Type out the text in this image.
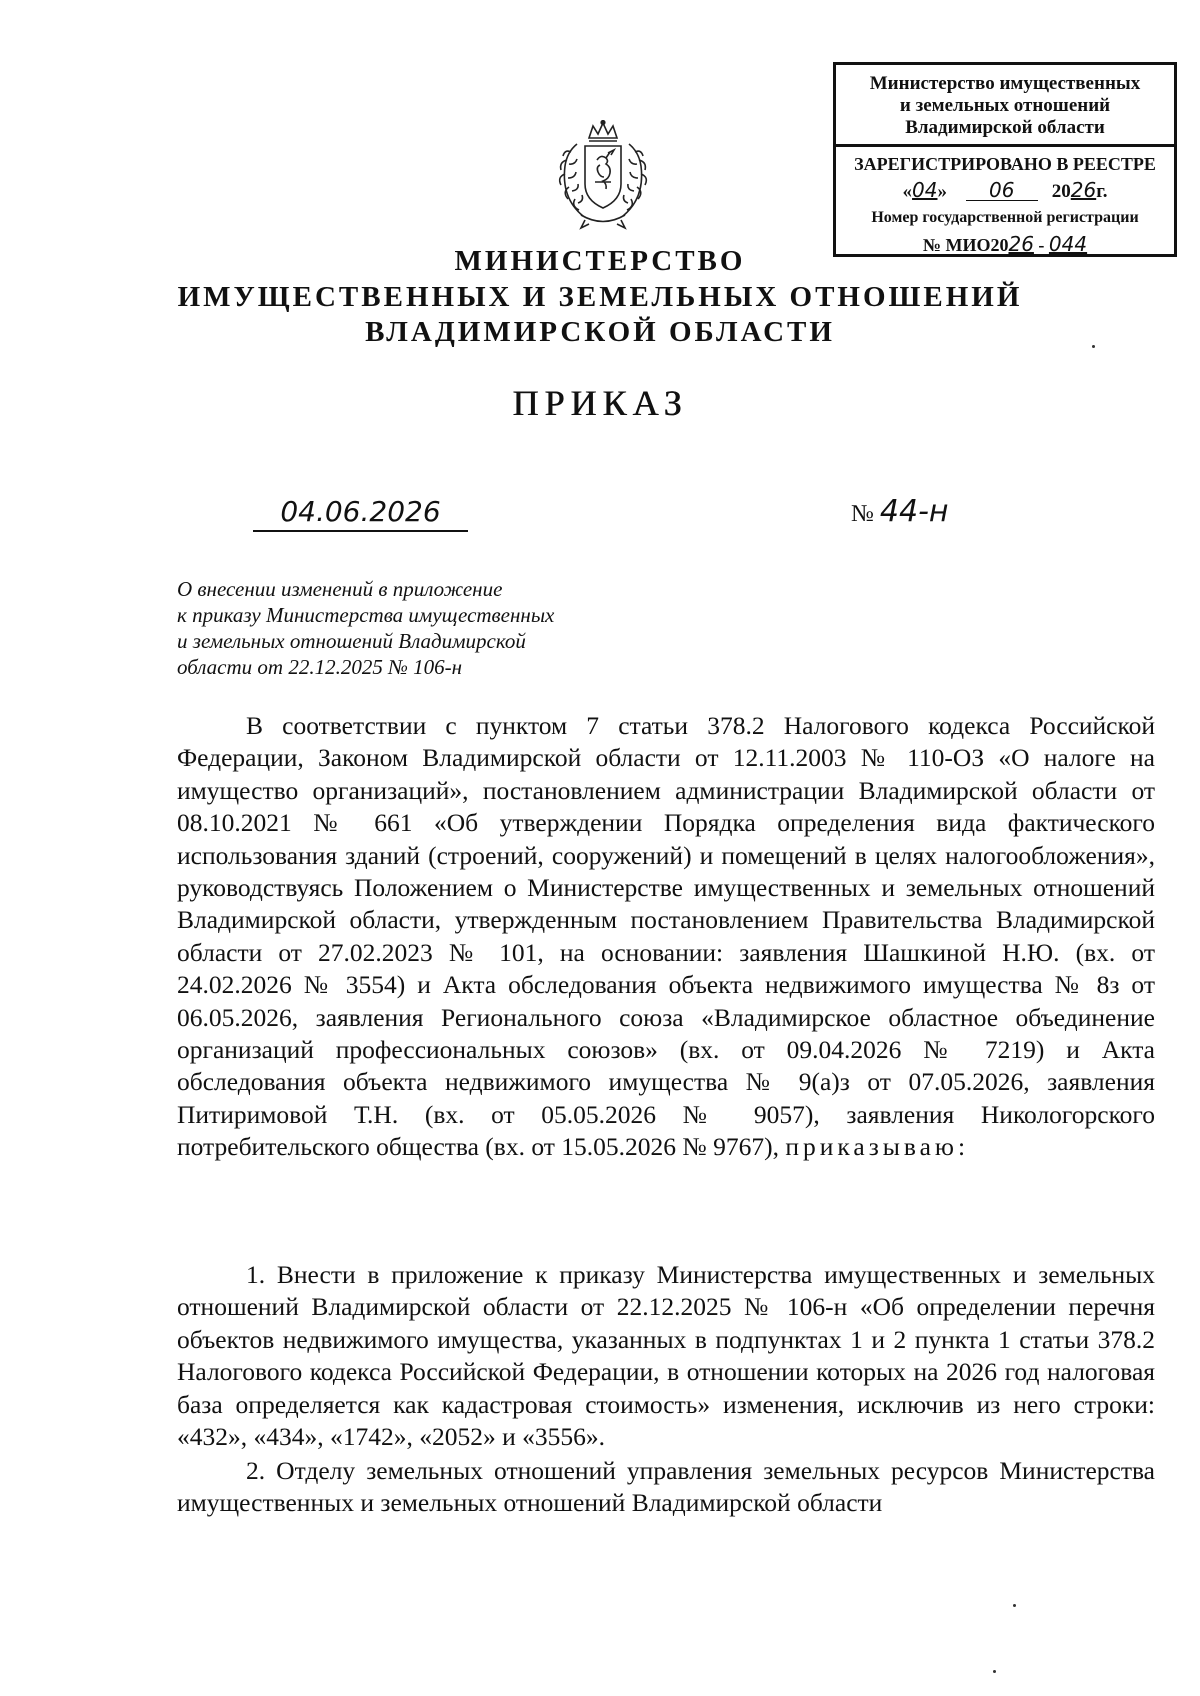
Министерство имущественных
и земельных отношений
Владимирской области
ЗАРЕГИСТРИРОВАНО В РЕЕСТРЕ
«04» 06 2026г.
Номер государственной регистрации
№ МИО2026 - 044
МИНИСТЕРСТВО
ИМУЩЕСТВЕННЫХ И ЗЕМЕЛЬНЫХ ОТНОШЕНИЙ
ВЛАДИМИРСКОЙ ОБЛАСТИ
ПРИКАЗ
04.06.2026	№ 44-н
О внесении изменений в приложение
к приказу Министерства имущественных
и земельных отношений Владимирской
области от 22.12.2025 № 106-н

В соответствии с пунктом 7 статьи 378.2 Налогового кодекса Российской Федерации, Законом Владимирской области от 12.11.2003 № 110-ОЗ «О налоге на имущество организаций», постановлением администрации Владимирской области от 08.10.2021 № 661 «Об утверждении Порядка определения вида фактического использования зданий (строений, сооружений) и помещений в целях налогообложения», руководствуясь Положением о Министерстве имущественных и земельных отношений Владимирской области, утвержденным постановлением Правительства Владимирской области от 27.02.2023 № 101, на основании: заявления Шашкиной Н.Ю. (вх. от 24.02.2026 № 3554) и Акта обследования объекта недвижимого имущества № 8з от 06.05.2026, заявления Регионального союза «Владимирское областное объединение организаций профессиональных союзов» (вх. от 09.04.2026 № 7219) и Акта обследования объекта недвижимого имущества № 9(а)з от 07.05.2026, заявления Питиримовой Т.Н. (вх. от 05.05.2026 № 9057), заявления Никологорского потребительского общества (вх. от 15.05.2026 № 9767), приказываю:

1. Внести в приложение к приказу Министерства имущественных и земельных отношений Владимирской области от 22.12.2025 № 106-н «Об определении перечня объектов недвижимого имущества, указанных в подпунктах 1 и 2 пункта 1 статьи 378.2 Налогового кодекса Российской Федерации, в отношении которых на 2026 год налоговая база определяется как кадастровая стоимость» изменения, исключив из него строки: «432», «434», «1742», «2052» и «3556».

2. Отделу земельных отношений управления земельных ресурсов Министерства имущественных и земельных отношений Владимирской области
